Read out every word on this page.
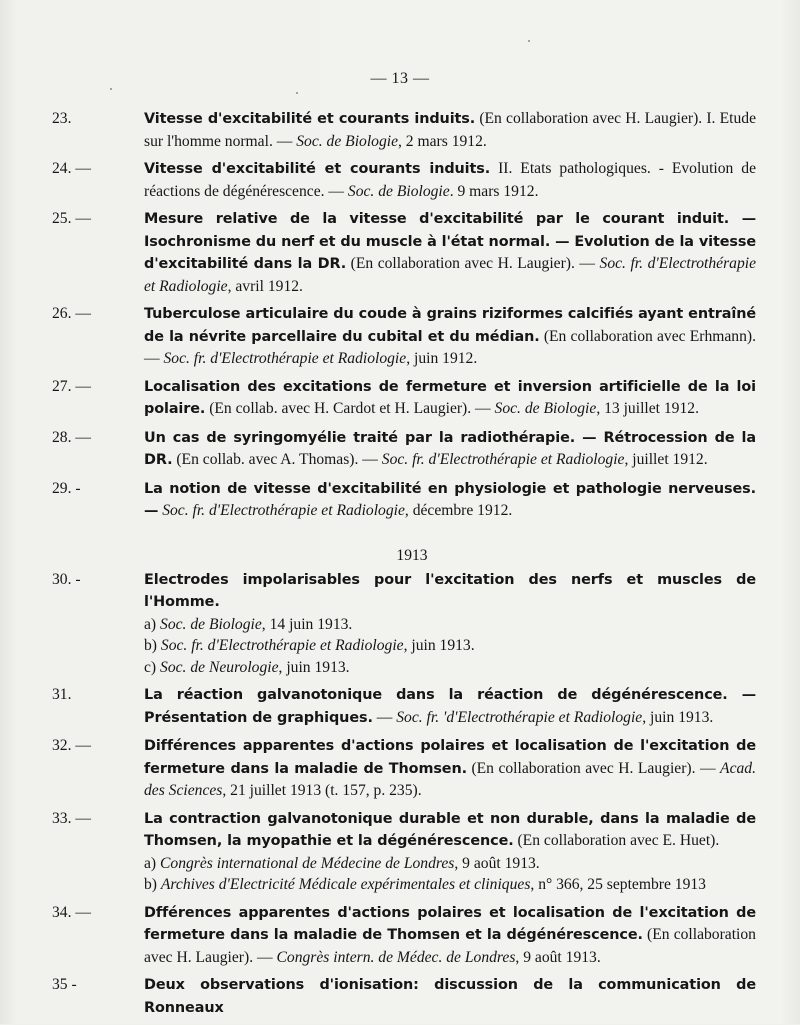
— 13 —
23.	Vitesse d'excitabilité et courants induits. (En collaboration avec H. Laugier). I. Etude sur l'homme normal. — Soc. de Biologie, 2 mars 1912.
24. —	Vitesse d'excitabilité et courants induits. II. Etats pathologiques. - Evolution de réactions de dégénérescence. — Soc. de Biologie. 9 mars 1912.
25. —	Mesure relative de la vitesse d'excitabilité par le courant induit. — Isochronisme du nerf et du muscle à l'état normal. — Evolution de la vitesse d'excitabilité dans la DR. (En collaboration avec H. Laugier). — Soc. fr. d'Electrothérapie et Radiologie, avril 1912.
26. —	Tuberculose articulaire du coude à grains riziformes calcifiés ayant entraîné de la névrite parcellaire du cubital et du médian. (En collaboration avec Erhmann). — Soc. fr. d'Electrothérapie et Radiologie, juin 1912.
27. —	Localisation des excitations de fermeture et inversion artificielle de la loi polaire. (En collab. avec H. Cardot et H. Laugier). — Soc. de Biologie, 13 juillet 1912.
28. —	Un cas de syringomyélie traité par la radiothérapie. — Rétrocession de la DR. (En collab. avec A. Thomas). — Soc. fr. d'Electrothérapie et Radiologie, juillet 1912.
29. -	La notion de vitesse d'excitabilité en physiologie et pathologie nerveuses. — Soc. fr. d'Electrothérapie et Radiologie, décembre 1912.
1913
30. -	Electrodes impolarisables pour l'excitation des nerfs et muscles de l'Homme.
a) Soc. de Biologie, 14 juin 1913.
b) Soc. fr. d'Electrothérapie et Radiologie, juin 1913.
c) Soc. de Neurologie, juin 1913.
31.	La réaction galvanotonique dans la réaction de dégénérescence. — Présentation de graphiques. — Soc. fr. 'd'Electrothérapie et Radiologie, juin 1913.
32. —	Différences apparentes d'actions polaires et localisation de l'excitation de fermeture dans la maladie de Thomsen. (En collaboration avec H. Laugier). — Acad. des Sciences, 21 juillet 1913 (t. 157, p. 235).
33. —	La contraction galvanotonique durable et non durable, dans la maladie de Thomsen, la myopathie et la dégénérescence. (En collaboration avec E. Huet).
a) Congrès international de Médecine de Londres, 9 août 1913.
b) Archives d'Electricité Médicale expérimentales et cliniques, n° 366, 25 septembre 1913
34. —	Dfférences apparentes d'actions polaires et localisation de l'excitation de fermeture dans la maladie de Thomsen et la dégénérescence. (En collaboration avec H. Laugier). — Congrès intern. de Médec. de Londres, 9 août 1913.
35 -	Deux observations d'ionisation: discussion de la communication de Ronneaux
